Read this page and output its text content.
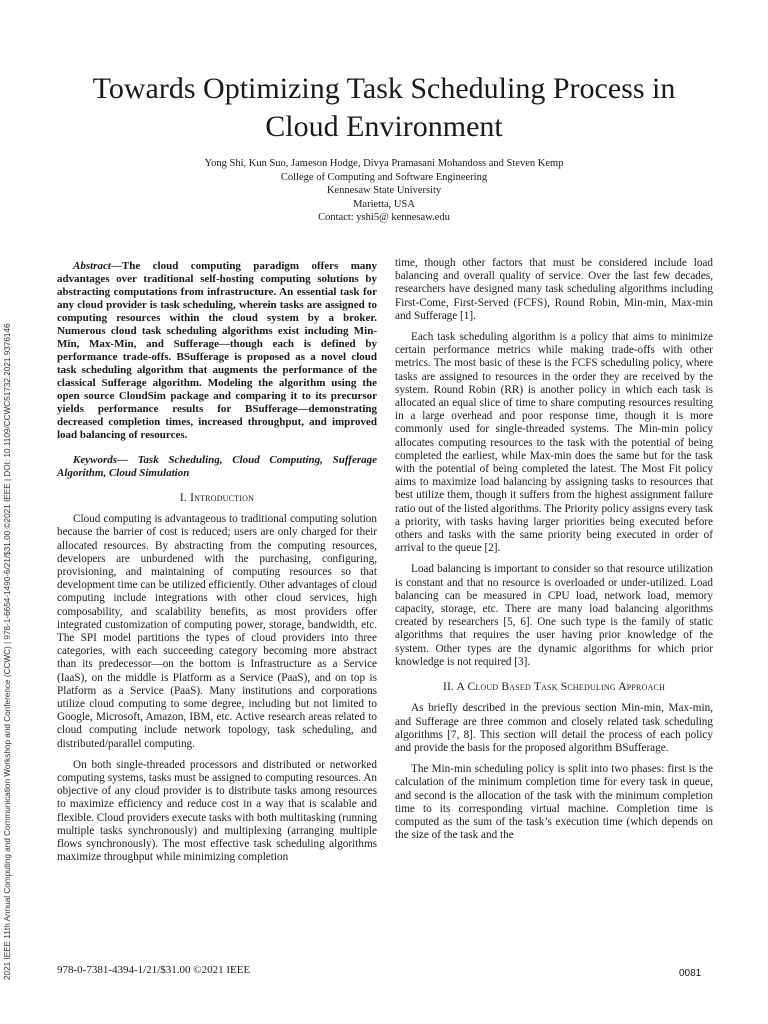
2021 IEEE 11th Annual Computing and Communication Workshop and Conference (CCWC) | 978-1-6654-1490-6/21/$31.00 ©2021 IEEE | DOI: 10.1109/CCWC51732.2021.9376146
Towards Optimizing Task Scheduling Process in Cloud Environment
Yong Shi, Kun Suo, Jameson Hodge, Divya Pramasani Mohandoss and Steven Kemp
College of Computing and Software Engineering
Kennesaw State University
Marietta, USA
Contact: yshi5@ kennesaw.edu

Abstract—The cloud computing paradigm offers many advantages over traditional self-hosting computing solutions by abstracting computations from infrastructure. An essential task for any cloud provider is task scheduling, wherein tasks are assigned to computing resources within the cloud system by a broker. Numerous cloud task scheduling algorithms exist including Min-Min, Max-Min, and Sufferage—though each is defined by performance trade-offs. BSufferage is proposed as a novel cloud task scheduling algorithm that augments the performance of the classical Sufferage algorithm. Modeling the algorithm using the open source CloudSim package and comparing it to its precursor yields performance results for BSufferage—demonstrating decreased completion times, increased throughput, and improved load balancing of resources.

Keywords— Task Scheduling, Cloud Computing, Sufferage Algorithm, Cloud Simulation

I. Introduction

Cloud computing is advantageous to traditional computing solution because the barrier of cost is reduced; users are only charged for their allocated resources. By abstracting from the computing resources, developers are unburdened with the purchasing, configuring, provisioning, and maintaining of computing resources so that development time can be utilized efficiently. Other advantages of cloud computing include integrations with other cloud services, high composability, and scalability benefits, as most providers offer integrated customization of computing power, storage, bandwidth, etc. The SPI model partitions the types of cloud providers into three categories, with each succeeding category becoming more abstract than its predecessor—on the bottom is Infrastructure as a Service (IaaS), on the middle is Platform as a Service (PaaS), and on top is Platform as a Service (PaaS). Many institutions and corporations utilize cloud computing to some degree, including but not limited to Google, Microsoft, Amazon, IBM, etc. Active research areas related to cloud computing include network topology, task scheduling, and distributed/parallel computing.

On both single-threaded processors and distributed or networked computing systems, tasks must be assigned to computing resources. An objective of any cloud provider is to distribute tasks among resources to maximize efficiency and reduce cost in a way that is scalable and flexible. Cloud providers execute tasks with both multitasking (running multiple tasks synchronously) and multiplexing (arranging multiple flows synchronously). The most effective task scheduling algorithms maximize throughput while minimizing completion

time, though other factors that must be considered include load balancing and overall quality of service. Over the last few decades, researchers have designed many task scheduling algorithms including First-Come, First-Served (FCFS), Round Robin, Min-min, Max-min and Sufferage [1].

Each task scheduling algorithm is a policy that aims to minimize certain performance metrics while making trade-offs with other metrics. The most basic of these is the FCFS scheduling policy, where tasks are assigned to resources in the order they are received by the system. Round Robin (RR) is another policy in which each task is allocated an equal slice of time to share computing resources resulting in a large overhead and poor response time, though it is more commonly used for single-threaded systems. The Min-min policy allocates computing resources to the task with the potential of being completed the earliest, while Max-min does the same but for the task with the potential of being completed the latest. The Most Fit policy aims to maximize load balancing by assigning tasks to resources that best utilize them, though it suffers from the highest assignment failure ratio out of the listed algorithms. The Priority policy assigns every task a priority, with tasks having larger priorities being executed before others and tasks with the same priority being executed in order of arrival to the queue [2].

Load balancing is important to consider so that resource utilization is constant and that no resource is overloaded or under-utilized. Load balancing can be measured in CPU load, network load, memory capacity, storage, etc. There are many load balancing algorithms created by researchers [5, 6]. One such type is the family of static algorithms that requires the user having prior knowledge of the system. Other types are the dynamic algorithms for which prior knowledge is not required [3].

II. A Cloud Based Task Scheduling Approach

As briefly described in the previous section Min-min, Max-min, and Sufferage are three common and closely related task scheduling algorithms [7, 8]. This section will detail the process of each policy and provide the basis for the proposed algorithm BSufferage.

The Min-min scheduling policy is split into two phases: first is the calculation of the minimum completion time for every task in queue, and second is the allocation of the task with the minimum completion time to its corresponding virtual machine. Completion time is computed as the sum of the task’s execution time (which depends on the size of the task and the

978-0-7381-4394-1/21/$31.00 ©2021 IEEE	0081
